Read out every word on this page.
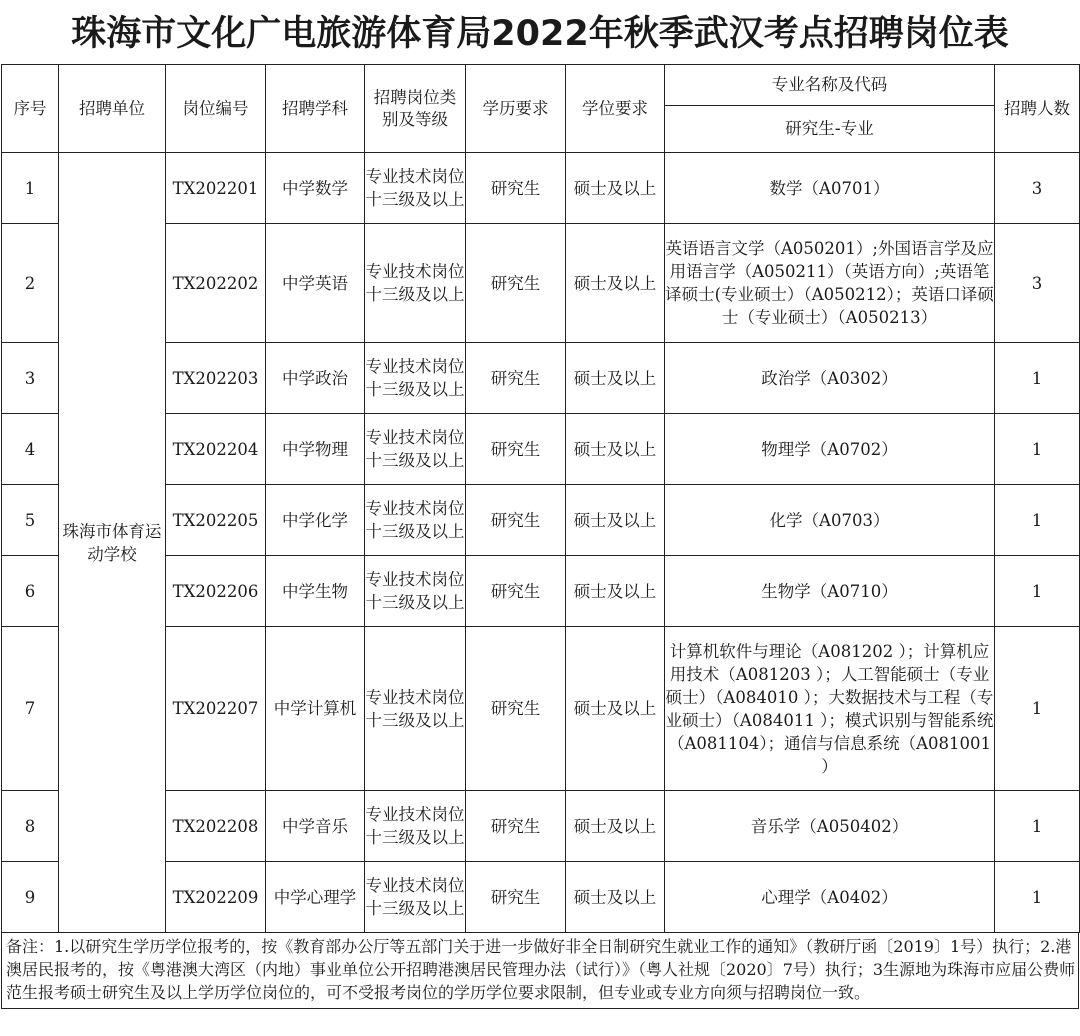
珠海市文化广电旅游体育局2022年秋季武汉考点招聘岗位表
序号	招聘单位	岗位编号	招聘学科	招聘岗位类别及等级	学历要求	学位要求	专业名称及代码	招聘人数
							研究生-专业	
1	珠海市体育运动学校	TX202201	中学数学	专业技术岗位十三级及以上	研究生	硕士及以上	数学（A0701）	3
2		TX202202	中学英语	专业技术岗位十三级及以上	研究生	硕士及以上	英语语言文学（A050201）;外国语言学及应用语言学（A050211）（英语方向）;英语笔译硕士(专业硕士）（A050212）；英语口译硕士（专业硕士）（A050213）	3
3		TX202203	中学政治	专业技术岗位十三级及以上	研究生	硕士及以上	政治学（A0302）	1
4		TX202204	中学物理	专业技术岗位十三级及以上	研究生	硕士及以上	物理学（A0702）	1
5		TX202205	中学化学	专业技术岗位十三级及以上	研究生	硕士及以上	化学（A0703）	1
6		TX202206	中学生物	专业技术岗位十三级及以上	研究生	硕士及以上	生物学（A0710）	1
7		TX202207	中学计算机	专业技术岗位十三级及以上	研究生	硕士及以上	计算机软件与理论（A081202 ）；计算机应用技术（A081203 ）；人工智能硕士（专业硕士）（A084010 ）；大数据技术与工程（专业硕士）（A084011 ）；模式识别与智能系统（A081104）；通信与信息系统（A081001 ）	1
8		TX202208	中学音乐	专业技术岗位十三级及以上	研究生	硕士及以上	音乐学（A050402）	1
9		TX202209	中学心理学	专业技术岗位十三级及以上	研究生	硕士及以上	心理学（A0402）	1
备注：1.以研究生学历学位报考的，按《教育部办公厅等五部门关于进一步做好非全日制研究生就业工作的通知》（教研厅函〔2019〕1号）执行；2.港澳居民报考的，按《粤港澳大湾区（内地）事业单位公开招聘港澳居民管理办法（试行）》（粤人社规〔2020〕7号）执行；3生源地为珠海市应届公费师范生报考硕士研究生及以上学历学位岗位的，可不受报考岗位的学历学位要求限制，但专业或专业方向须与招聘岗位一致。
